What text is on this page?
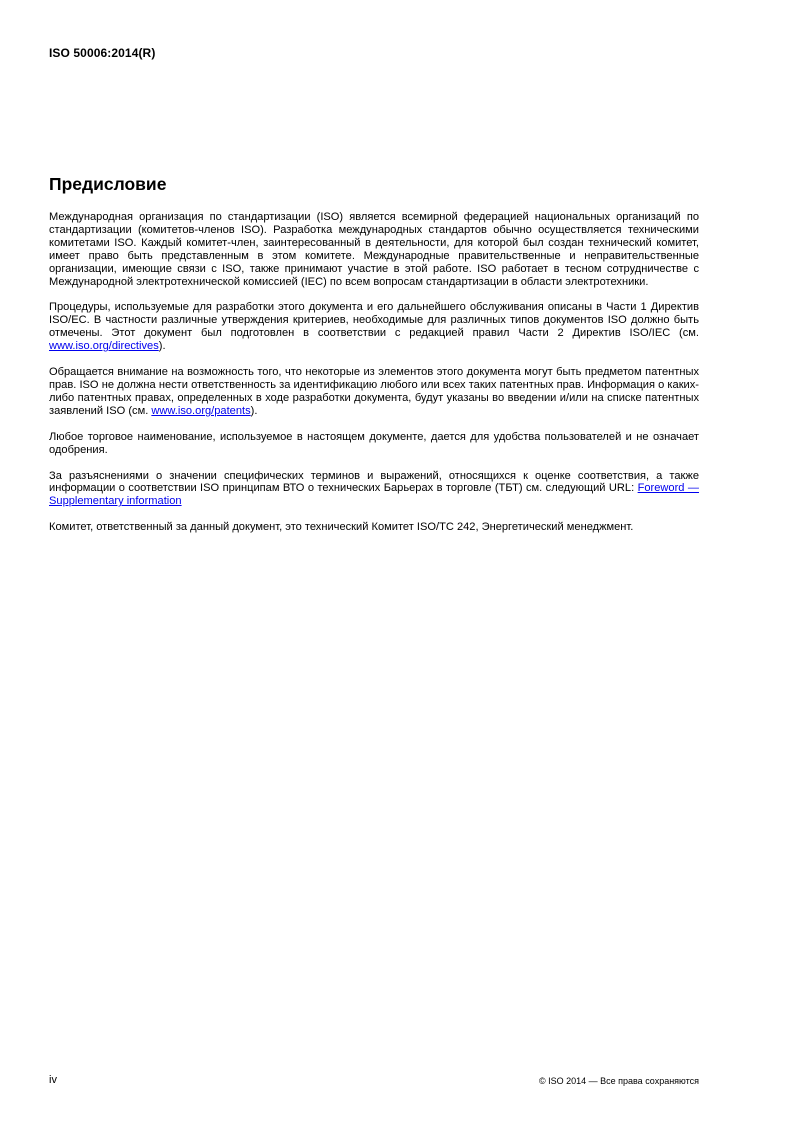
ISO 50006:2014(R)
Предисловие

Международная организация по стандартизации (ISO) является всемирной федерацией национальных организаций по стандартизации (комитетов-членов ISO). Разработка международных стандартов обычно осуществляется техническими комитетами ISO. Каждый комитет-член, заинтересованный в деятельности, для которой был создан технический комитет, имеет право быть представленным в этом комитете. Международные правительственные и неправительственные организации, имеющие связи с ISO, также принимают участие в этой работе. ISO работает в тесном сотрудничестве с Международной электротехнической комиссией (IEC) по всем вопросам стандартизации в области электротехники.

Процедуры, используемые для разработки этого документа и его дальнейшего обслуживания описаны в Части 1 Директив ISO/ЕС. В частности различные утверждения критериев, необходимые для различных типов документов ISO должно быть отмечены. Этот документ был подготовлен в соответствии с редакцией правил Части 2 Директив ISO/IEC (см. www.iso.org/directives).

Обращается внимание на возможность того, что некоторые из элементов этого документа могут быть предметом патентных прав. ISO не должна нести ответственность за идентификацию любого или всех таких патентных прав. Информация о каких-либо патентных правах, определенных в ходе разработки документа, будут указаны во введении и/или на списке патентных заявлений ISO (см. www.iso.org/patents).

Любое торговое наименование, используемое в настоящем документе, дается для удобства пользователей и не означает одобрения.

За разъяснениями о значении специфических терминов и выражений, относящихся к оценке соответствия, а также информации о соответствии ISO принципам ВТО о технических Барьерах в торговле (ТБТ) см. следующий URL: Foreword — Supplementary information

Комитет, ответственный за данный документ, это технический Комитет ISO/TC 242, Энергетический менеджмент.

iv	© ISO 2014 — Все права сохраняются
